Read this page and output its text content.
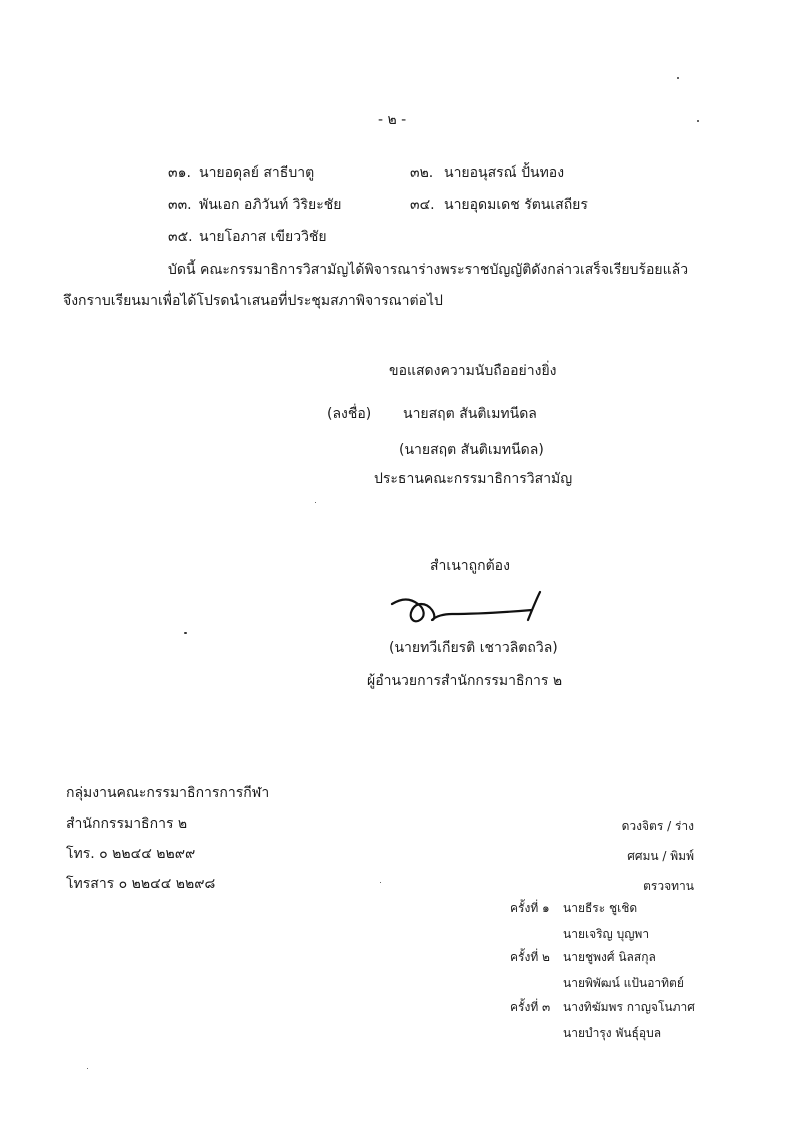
- ๒ -
๓๑. นายอดุลย์ สาธีบาตู	๓๒. นายอนุสรณ์ ปั้นทอง
๓๓. พันเอก อภิวันท์ วิริยะชัย	๓๔. นายอุดมเดช รัตนเสถียร
๓๕. นายโอภาส เขียววิชัย
บัดนี้ คณะกรรมาธิการวิสามัญได้พิจารณาร่างพระราชบัญญัติดังกล่าวเสร็จเรียบร้อยแล้ว
จึงกราบเรียนมาเพื่อได้โปรดนำเสนอที่ประชุมสภาพิจารณาต่อไป
ขอแสดงความนับถืออย่างยิ่ง
(ลงชื่อ) นายสฤต สันติเมทนีดล
(นายสฤต สันติเมทนีดล)
ประธานคณะกรรมาธิการวิสามัญ
สำเนาถูกต้อง
(นายทวีเกียรติ เชาวลิตถวิล)
ผู้อำนวยการสำนักกรรมาธิการ ๒
กลุ่มงานคณะกรรมาธิการการกีฬา
สำนักกรรมาธิการ ๒
โทร. ๐ ๒๒๔๔ ๒๒๙๙
โทรสาร ๐ ๒๒๔๔ ๒๒๙๘
ดวงจิตร / ร่าง
ศศมน / พิมพ์
ตรวจทาน
ครั้งที่ ๑ นายธีระ ชูเชิด
นายเจริญ บุญพา
ครั้งที่ ๒ นายชูพงศ์ นิลสกุล
นายพิพัฒน์ แป้นอาทิตย์
ครั้งที่ ๓ นางทิฆัมพร กาญจโนภาศ
นายบำรุง พันธุ์อุบล
